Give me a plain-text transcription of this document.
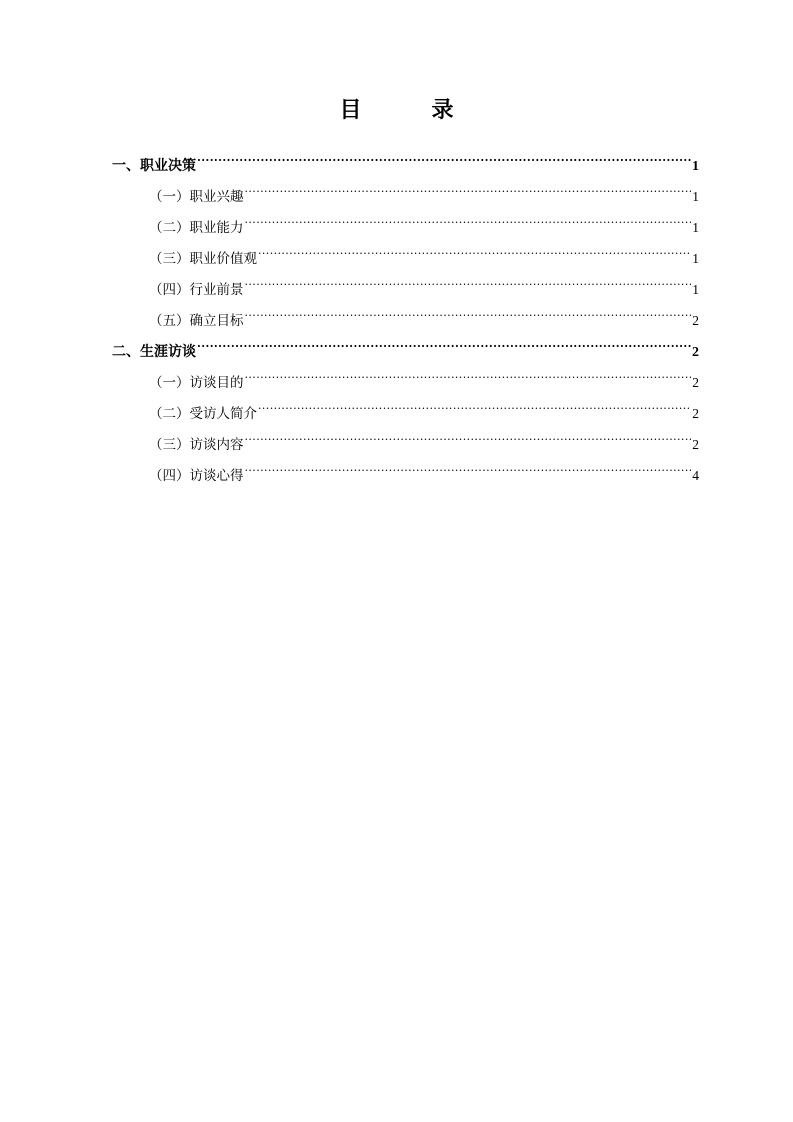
目　录
一、职业决策 .....	1
（一）职业兴趣 .....	1
（二）职业能力 .....	1
（三）职业价值观 .....	1
（四）行业前景 .....	1
（五）确立目标 .....	2
二、生涯访谈 .....	2
（一）访谈目的 .....	2
（二）受访人简介 .....	2
（三）访谈内容 .....	2
（四）访谈心得 .....	4
